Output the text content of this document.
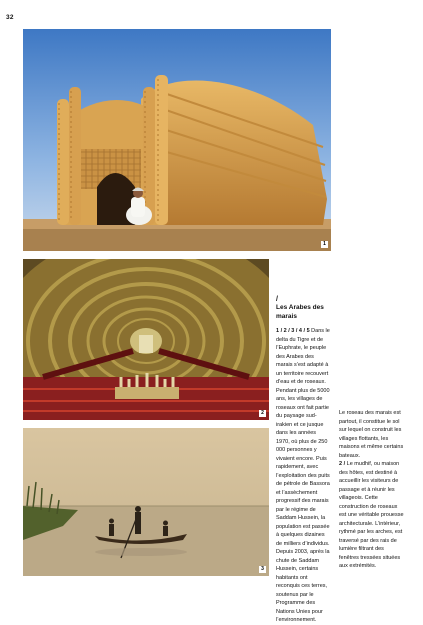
32
1
2
3
/
Les Arabes des marais

1 / 2 / 3 / 4 / 5 Dans le delta du Tigre et de l’Euphrate, le peuple des Arabes des marais s’est adapté à un territoire recouvert d’eau et de roseaux. Pendant plus de 5000 ans, les villages de roseaux ont fait partie du paysage sud-irakien et ce jusque dans les années 1970, où plus de 250 000 personnes y vivaient encore. Puis rapidement, avec l’exploitation des puits de pétrole de Bassora et l’assèchement progressif des marais par le régime de Saddam Hussein, la population est passée à quelques dizaines de milliers d’individus. Depuis 2003, après la chute de Saddam Hussein, certains habitants ont reconquis ces terres, soutenus par le Programme des Nations Unies pour l’environnement.

Le roseau des marais est partout, il constitue le sol sur lequel on construit les villages flottants, les maisons et même certains bateaux.

2 / Le mudhif, ou maison des hôtes, est destiné à accueillir les visiteurs de passage et à réunir les villageois. Cette construction de roseaux est une véritable prouesse architecturale. L’intérieur, rythmé par les arches, est traversé par des rais de lumière filtrant des fenêtres tressées situées aux extrémités.
